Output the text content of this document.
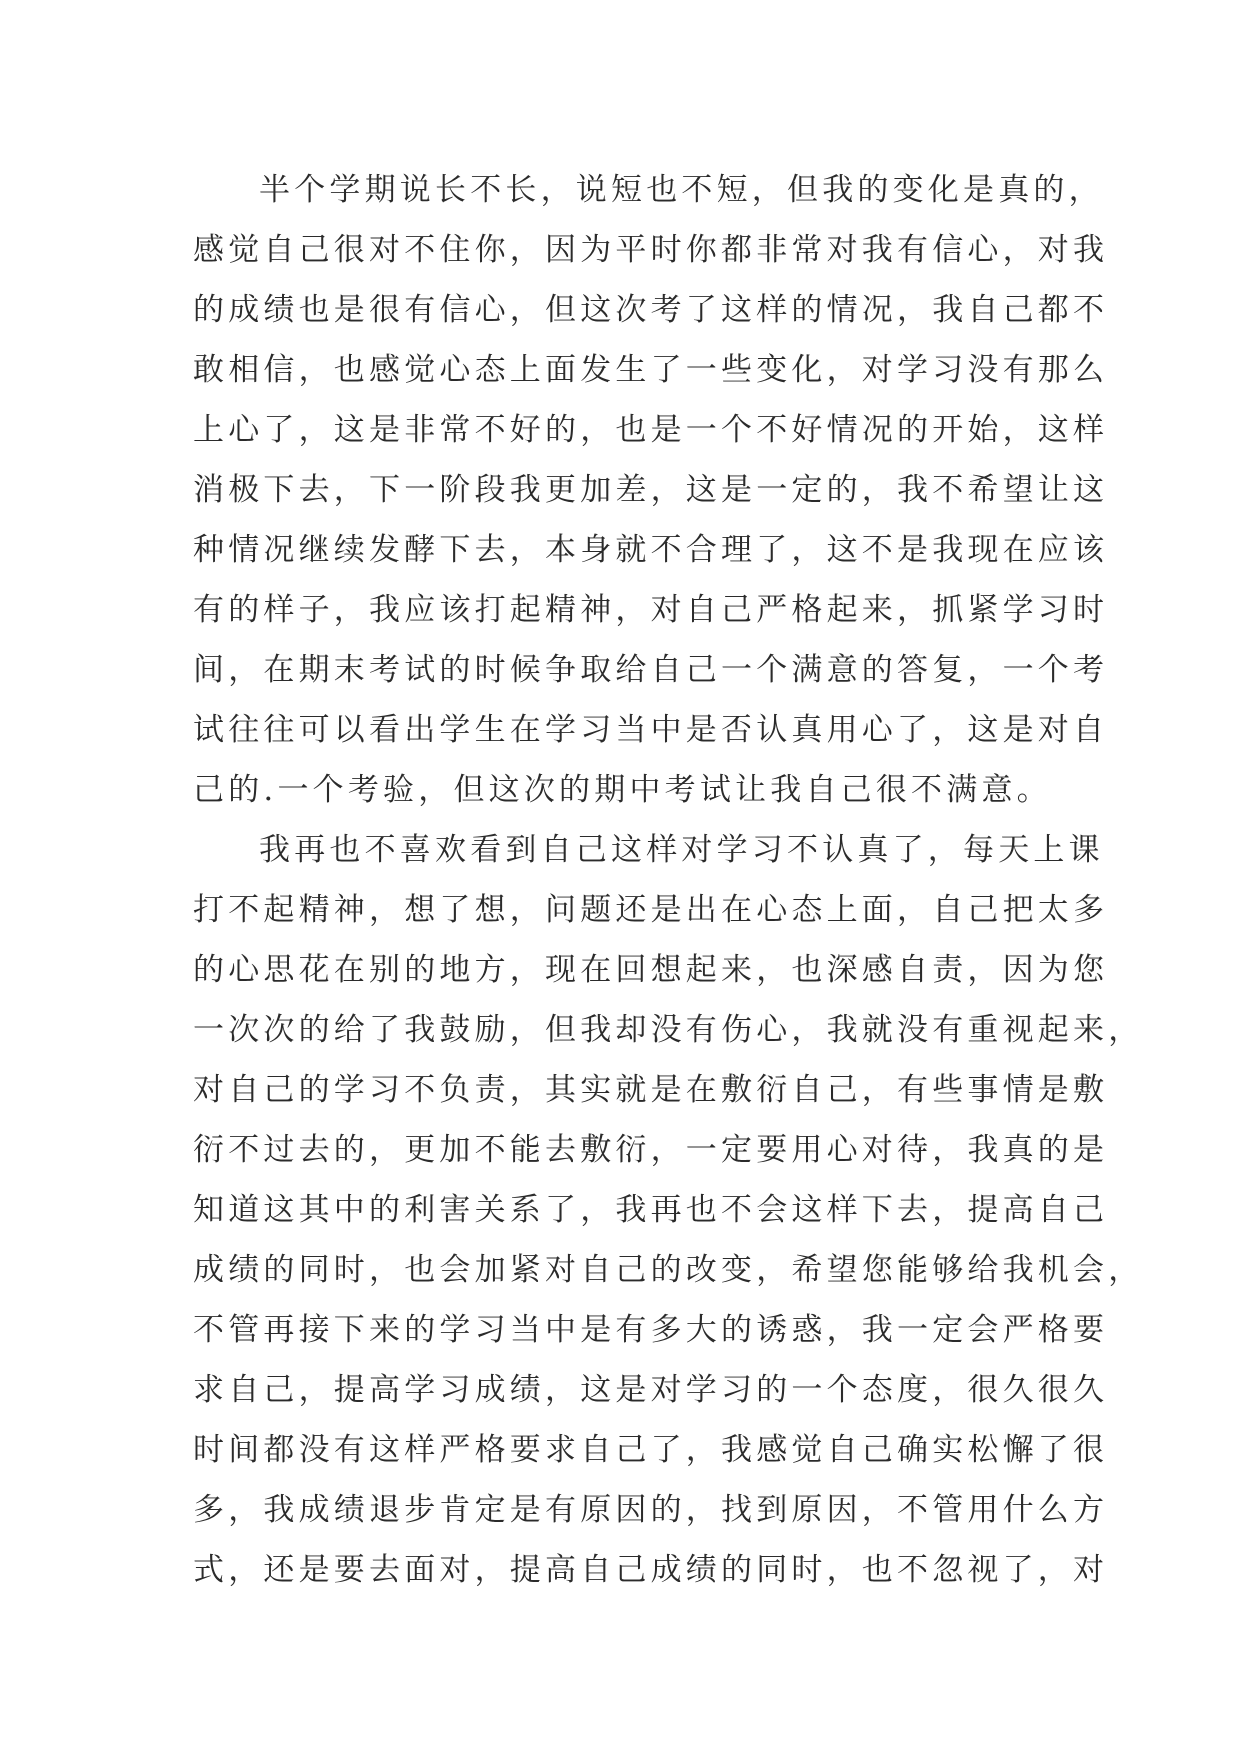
半个学期说长不长，说短也不短，但我的变化是真的，
感觉自己很对不住你，因为平时你都非常对我有信心，对我
的成绩也是很有信心，但这次考了这样的情况，我自己都不
敢相信，也感觉心态上面发生了一些变化，对学习没有那么
上心了，这是非常不好的，也是一个不好情况的开始，这样
消极下去，下一阶段我更加差，这是一定的，我不希望让这
种情况继续发酵下去，本身就不合理了，这不是我现在应该
有的样子，我应该打起精神，对自己严格起来，抓紧学习时
间，在期末考试的时候争取给自己一个满意的答复，一个考
试往往可以看出学生在学习当中是否认真用心了，这是对自
己的.一个考验，但这次的期中考试让我自己很不满意。
我再也不喜欢看到自己这样对学习不认真了，每天上课
打不起精神，想了想，问题还是出在心态上面，自己把太多
的心思花在别的地方，现在回想起来，也深感自责，因为您
一次次的给了我鼓励，但我却没有伤心，我就没有重视起来，
对自己的学习不负责，其实就是在敷衍自己，有些事情是敷
衍不过去的，更加不能去敷衍，一定要用心对待，我真的是
知道这其中的利害关系了，我再也不会这样下去，提高自己
成绩的同时，也会加紧对自己的改变，希望您能够给我机会，
不管再接下来的学习当中是有多大的诱惑，我一定会严格要
求自己，提高学习成绩，这是对学习的一个态度，很久很久
时间都没有这样严格要求自己了，我感觉自己确实松懈了很
多，我成绩退步肯定是有原因的，找到原因，不管用什么方
式，还是要去面对，提高自己成绩的同时，也不忽视了，对
